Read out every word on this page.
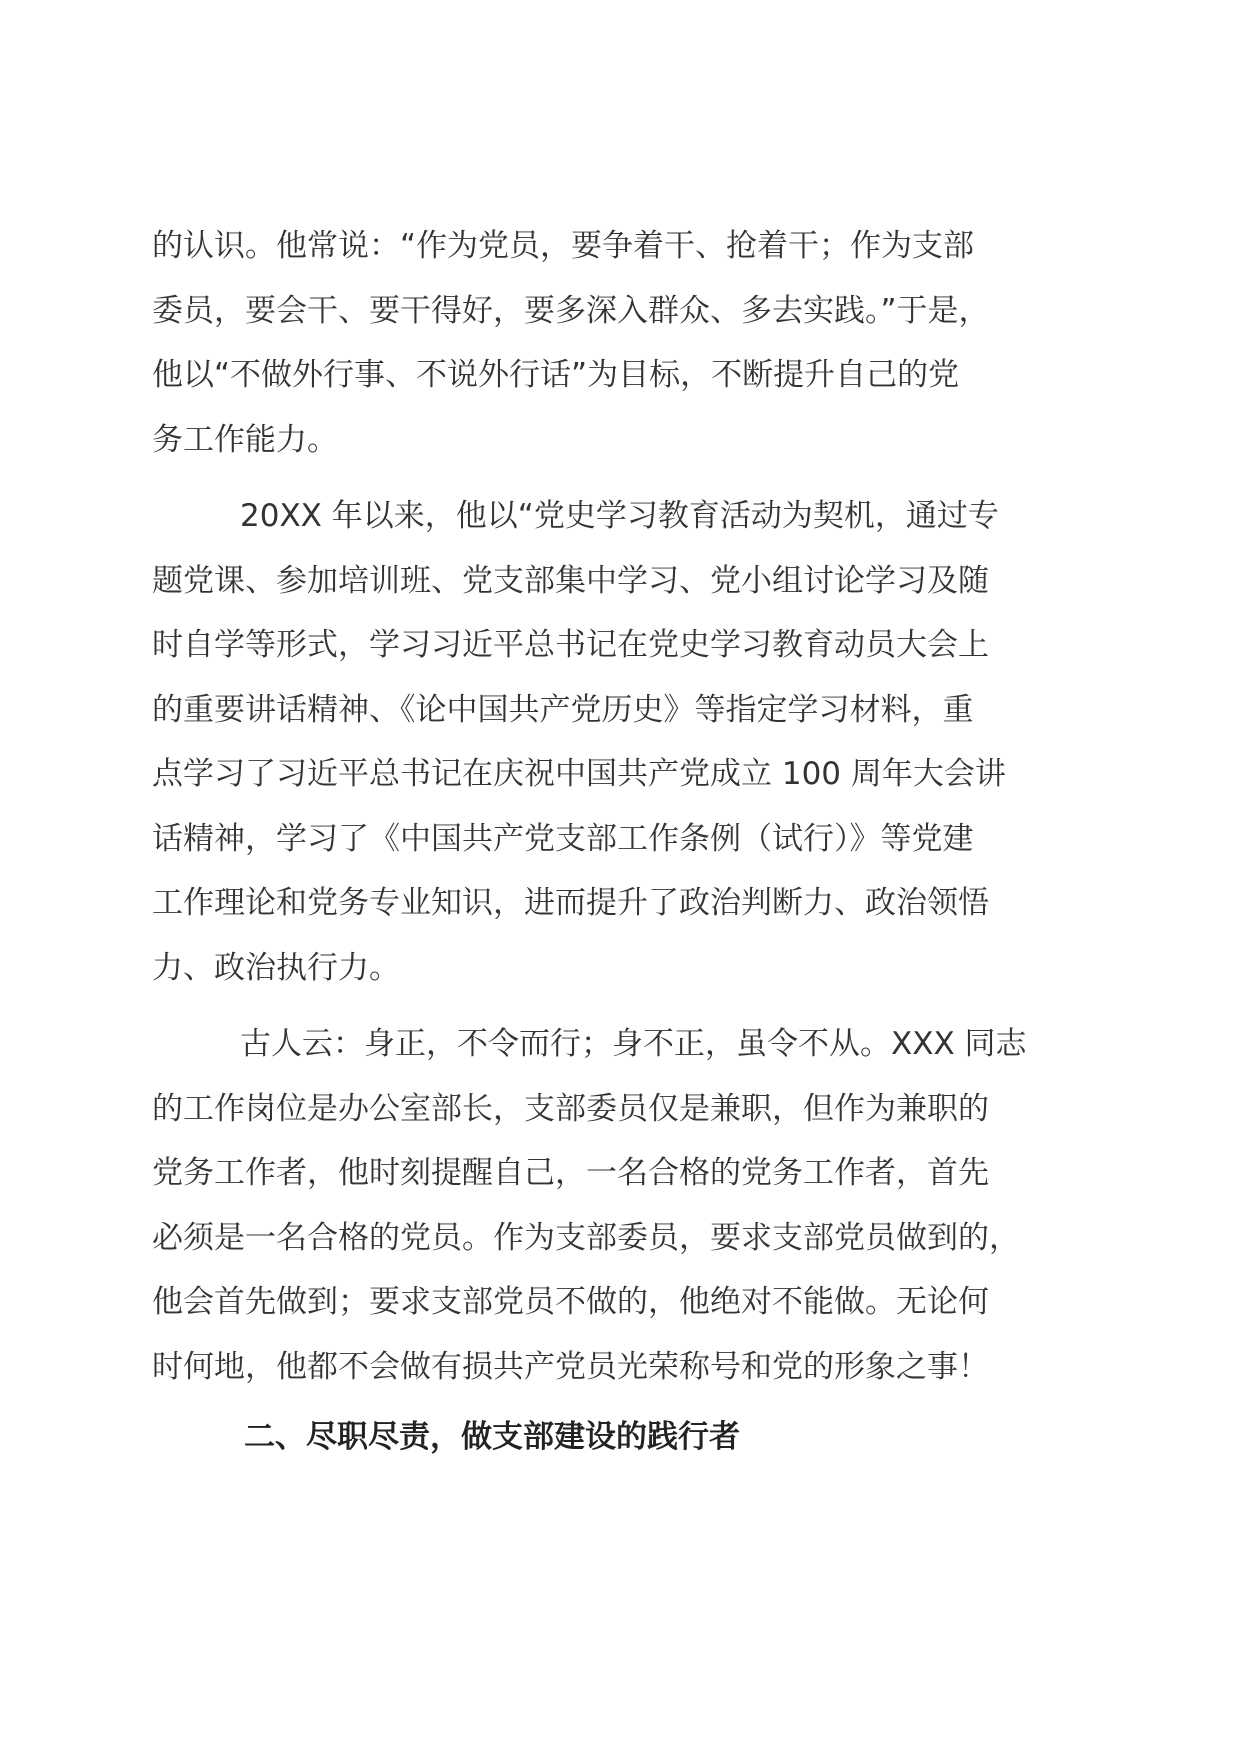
的认识。他常说：“作为党员，要争着干、抢着干；作为支部
委员，要会干、要干得好，要多深入群众、多去实践。”于是，
他以“不做外行事、不说外行话”为目标，不断提升自己的党
务工作能力。
20XX 年以来，他以“党史学习教育活动为契机，通过专
题党课、参加培训班、党支部集中学习、党小组讨论学习及随
时自学等形式，学习习近平总书记在党史学习教育动员大会上
的重要讲话精神、《论中国共产党历史》等指定学习材料，重
点学习了习近平总书记在庆祝中国共产党成立 100 周年大会讲
话精神，学习了《中国共产党支部工作条例（试行）》等党建
工作理论和党务专业知识，进而提升了政治判断力、政治领悟
力、政治执行力。
古人云：身正，不令而行；身不正，虽令不从。XXX 同志
的工作岗位是办公室部长，支部委员仅是兼职，但作为兼职的
党务工作者，他时刻提醒自己，一名合格的党务工作者，首先
必须是一名合格的党员。作为支部委员，要求支部党员做到的，
他会首先做到；要求支部党员不做的，他绝对不能做。无论何
时何地，他都不会做有损共产党员光荣称号和党的形象之事！
二、尽职尽责，做支部建设的践行者
